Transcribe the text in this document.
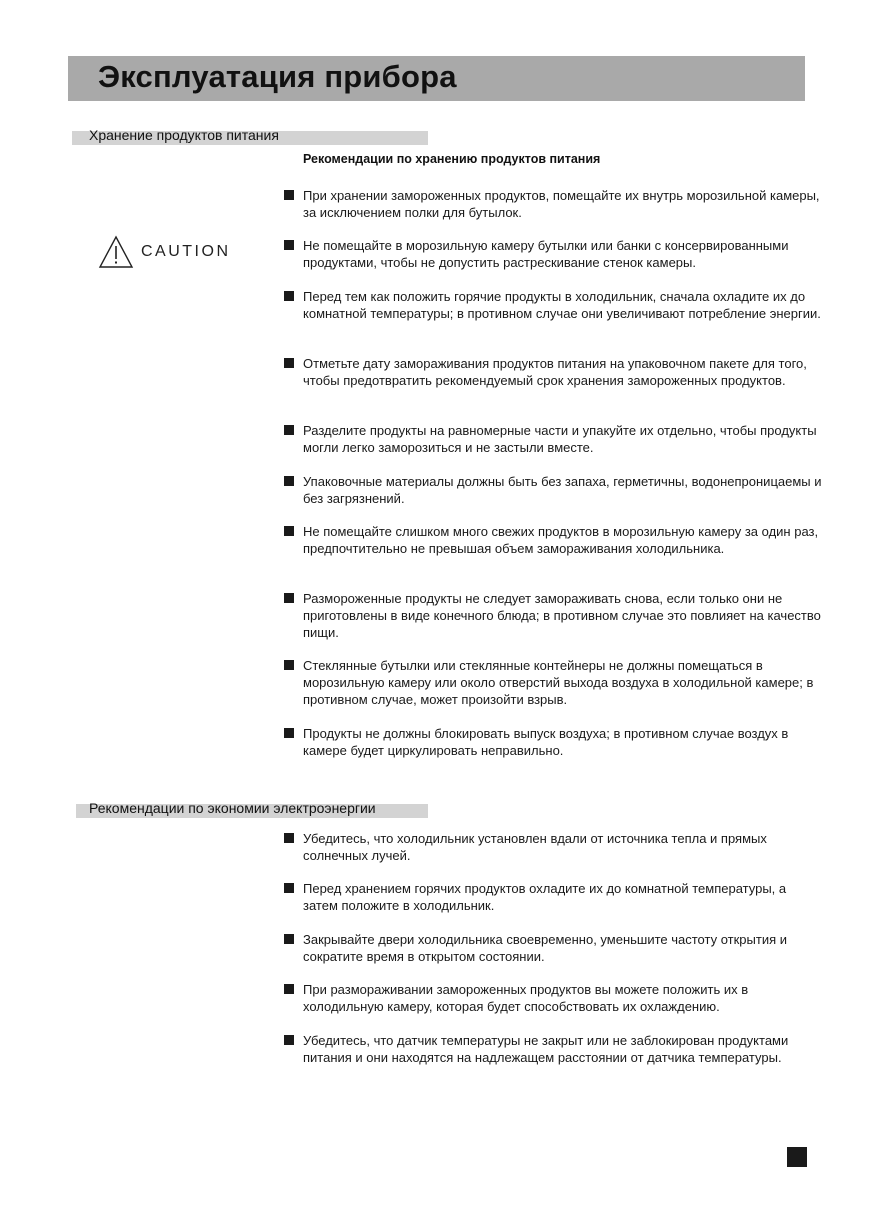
Эксплуатация прибора
Хранение продуктов питания
Рекомендации по хранению продуктов питания
CAUTION
При хранении замороженных продуктов, помещайте их внутрь морозильной камеры, за исключением полки для бутылок.
Не помещайте в морозильную камеру бутылки или банки с консервированными продуктами, чтобы не допустить растрескивание стенок камеры.
Перед тем как положить горячие продукты в холодильник, сначала охладите их до комнатной температуры; в противном случае они увеличивают потребление энергии.
Отметьте дату замораживания продуктов питания на упаковочном пакете для того, чтобы предотвратить рекомендуемый срок хранения замороженных продуктов.
Разделите продукты на равномерные части и упакуйте их отдельно, чтобы продукты могли легко заморозиться и не застыли вместе.
Упаковочные материалы должны быть без запаха, герметичны, водонепроницаемы и без загрязнений.
Не помещайте слишком много свежих продуктов в морозильную камеру за один раз, предпочтительно не превышая объем замораживания холодильника.
Размороженные продукты не следует замораживать снова, если только они не приготовлены в виде конечного блюда; в противном случае это повлияет на качество пищи.
Стеклянные бутылки или стеклянные контейнеры не должны помещаться в морозильную камеру или около отверстий выхода воздуха в холодильной камере; в противном случае, может произойти взрыв.
Продукты не должны блокировать выпуск воздуха; в противном случае воздух в камере будет циркулировать неправильно.
Рекомендации по экономии электроэнергии
Убедитесь, что холодильник установлен вдали от источника тепла и прямых солнечных лучей.
Перед хранением горячих продуктов охладите их до комнатной температуры, а затем положите в холодильник.
Закрывайте двери холодильника своевременно, уменьшите частоту открытия и сократите время в открытом состоянии.
При размораживании замороженных продуктов вы можете положить их в холодильную камеру, которая будет способствовать их охлаждению.
Убедитесь, что датчик температуры не закрыт или не заблокирован продуктами питания и они находятся на надлежащем расстоянии от датчика температуры.
